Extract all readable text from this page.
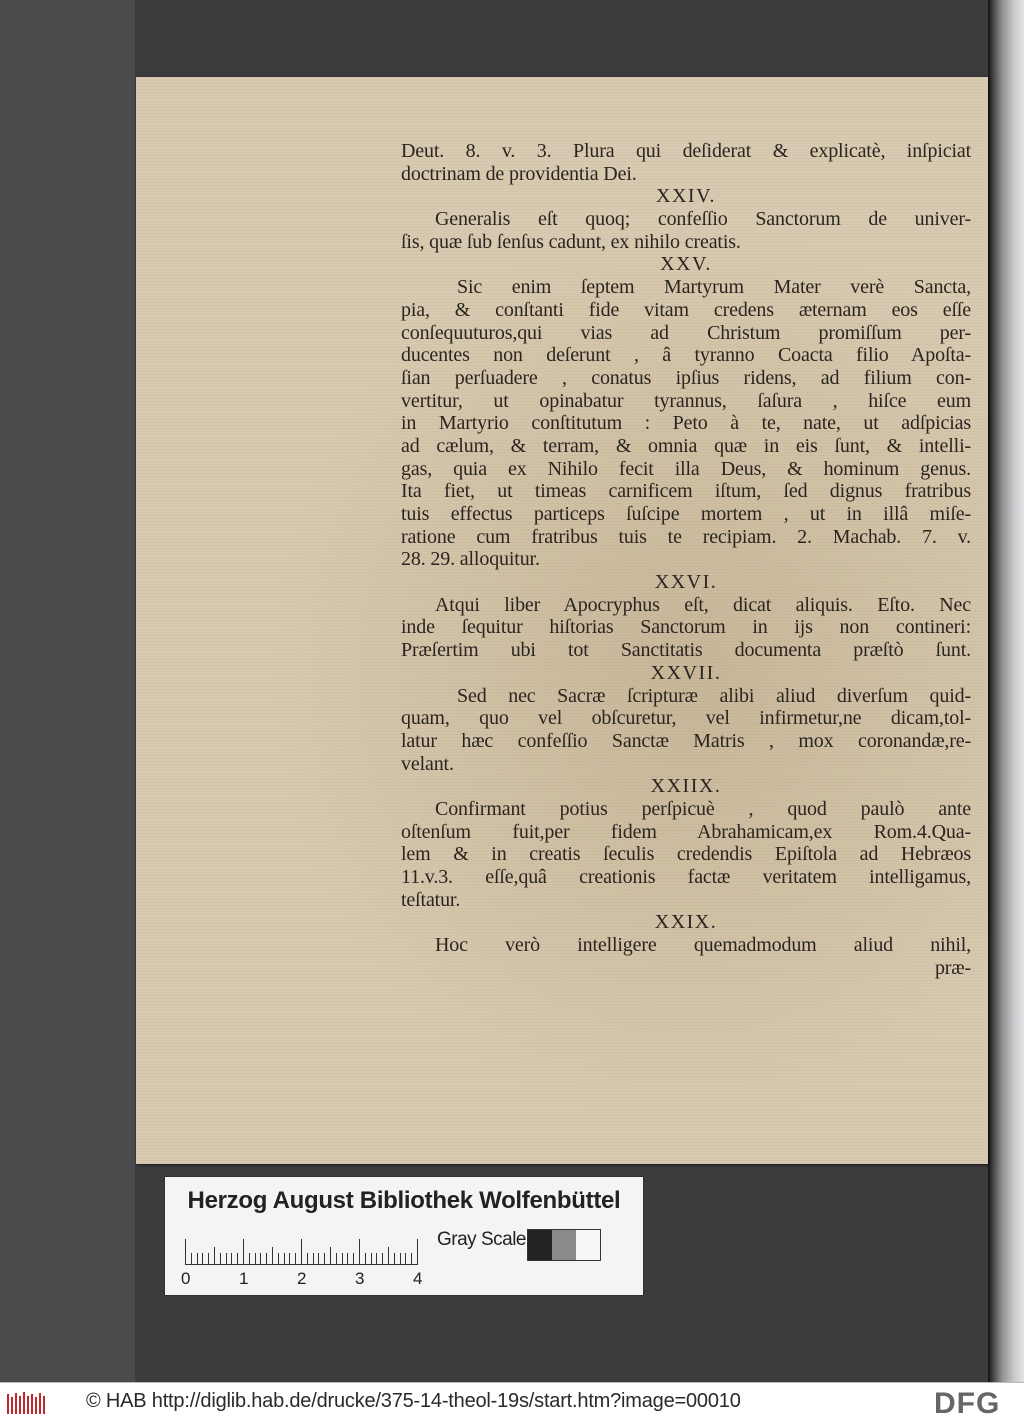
Deut. 8. v. 3. Plura qui deſiderat & explicatè, inſpiciat
doctrinam de providentia Dei.
XXIV.
Generalis eſt quoq; confeſſio Sanctorum de univer-
ſis, quæ ſub ſenſus cadunt, ex nihilo creatis.
XXV.
Sic enim ſeptem Martyrum Mater verè Sancta,
pia, & conſtanti fide vitam credens æternam eos eſſe
conſequuturos,qui vias ad Christum promiſſum per-
ducentes non deſerunt , â tyranno Coacta filio Apoſta-
ſian perſuadere , conatus ipſius ridens, ad filium con-
vertitur, ut opinabatur tyrannus, ſaſura , hiſce eum
in Martyrio conſtitutum : Peto à te, nate, ut adſpicias
ad cælum, & terram, & omnia quæ in eis ſunt, & intelli-
gas, quia ex Nihilo fecit illa Deus, & hominum genus.
Ita fiet, ut timeas carnificem iſtum, ſed dignus fratribus
tuis effectus particeps ſuſcipe mortem , ut in illâ miſe-
ratione cum fratribus tuis te recipiam. 2. Machab. 7. v.
28. 29. alloquitur.
XXVI.
Atqui liber Apocryphus eſt, dicat aliquis. Eſto. Nec
inde ſequitur hiſtorias Sanctorum in ijs non contineri:
Præſertim ubi tot Sanctitatis documenta præſtò ſunt.
XXVII.
Sed nec Sacræ ſcripturæ alibi aliud diverſum quid-
quam, quo vel obſcuretur, vel infirmetur,ne dicam,tol-
latur hæc confeſſio Sanctæ Matris , mox coronandæ,re-
velant.
XXIIX.
Confirmant potius perſpicuè , quod paulò ante
oſtenſum fuit,per fidem Abrahamicam,ex Rom.4.Qua-
lem & in creatis ſeculis credendis Epiſtola ad Hebræos
11.v.3. eſſe,quâ creationis factæ veritatem intelligamus,
teſtatur.
XXIX.
Hoc verò intelligere quemadmodum aliud nihil,
præ-
Herzog August Bibliothek Wolfenbüttel
0	1	2	3	4
Gray Scale
© HAB http://diglib.hab.de/drucke/375-14-theol-19s/start.htm?image=00010	DFG
